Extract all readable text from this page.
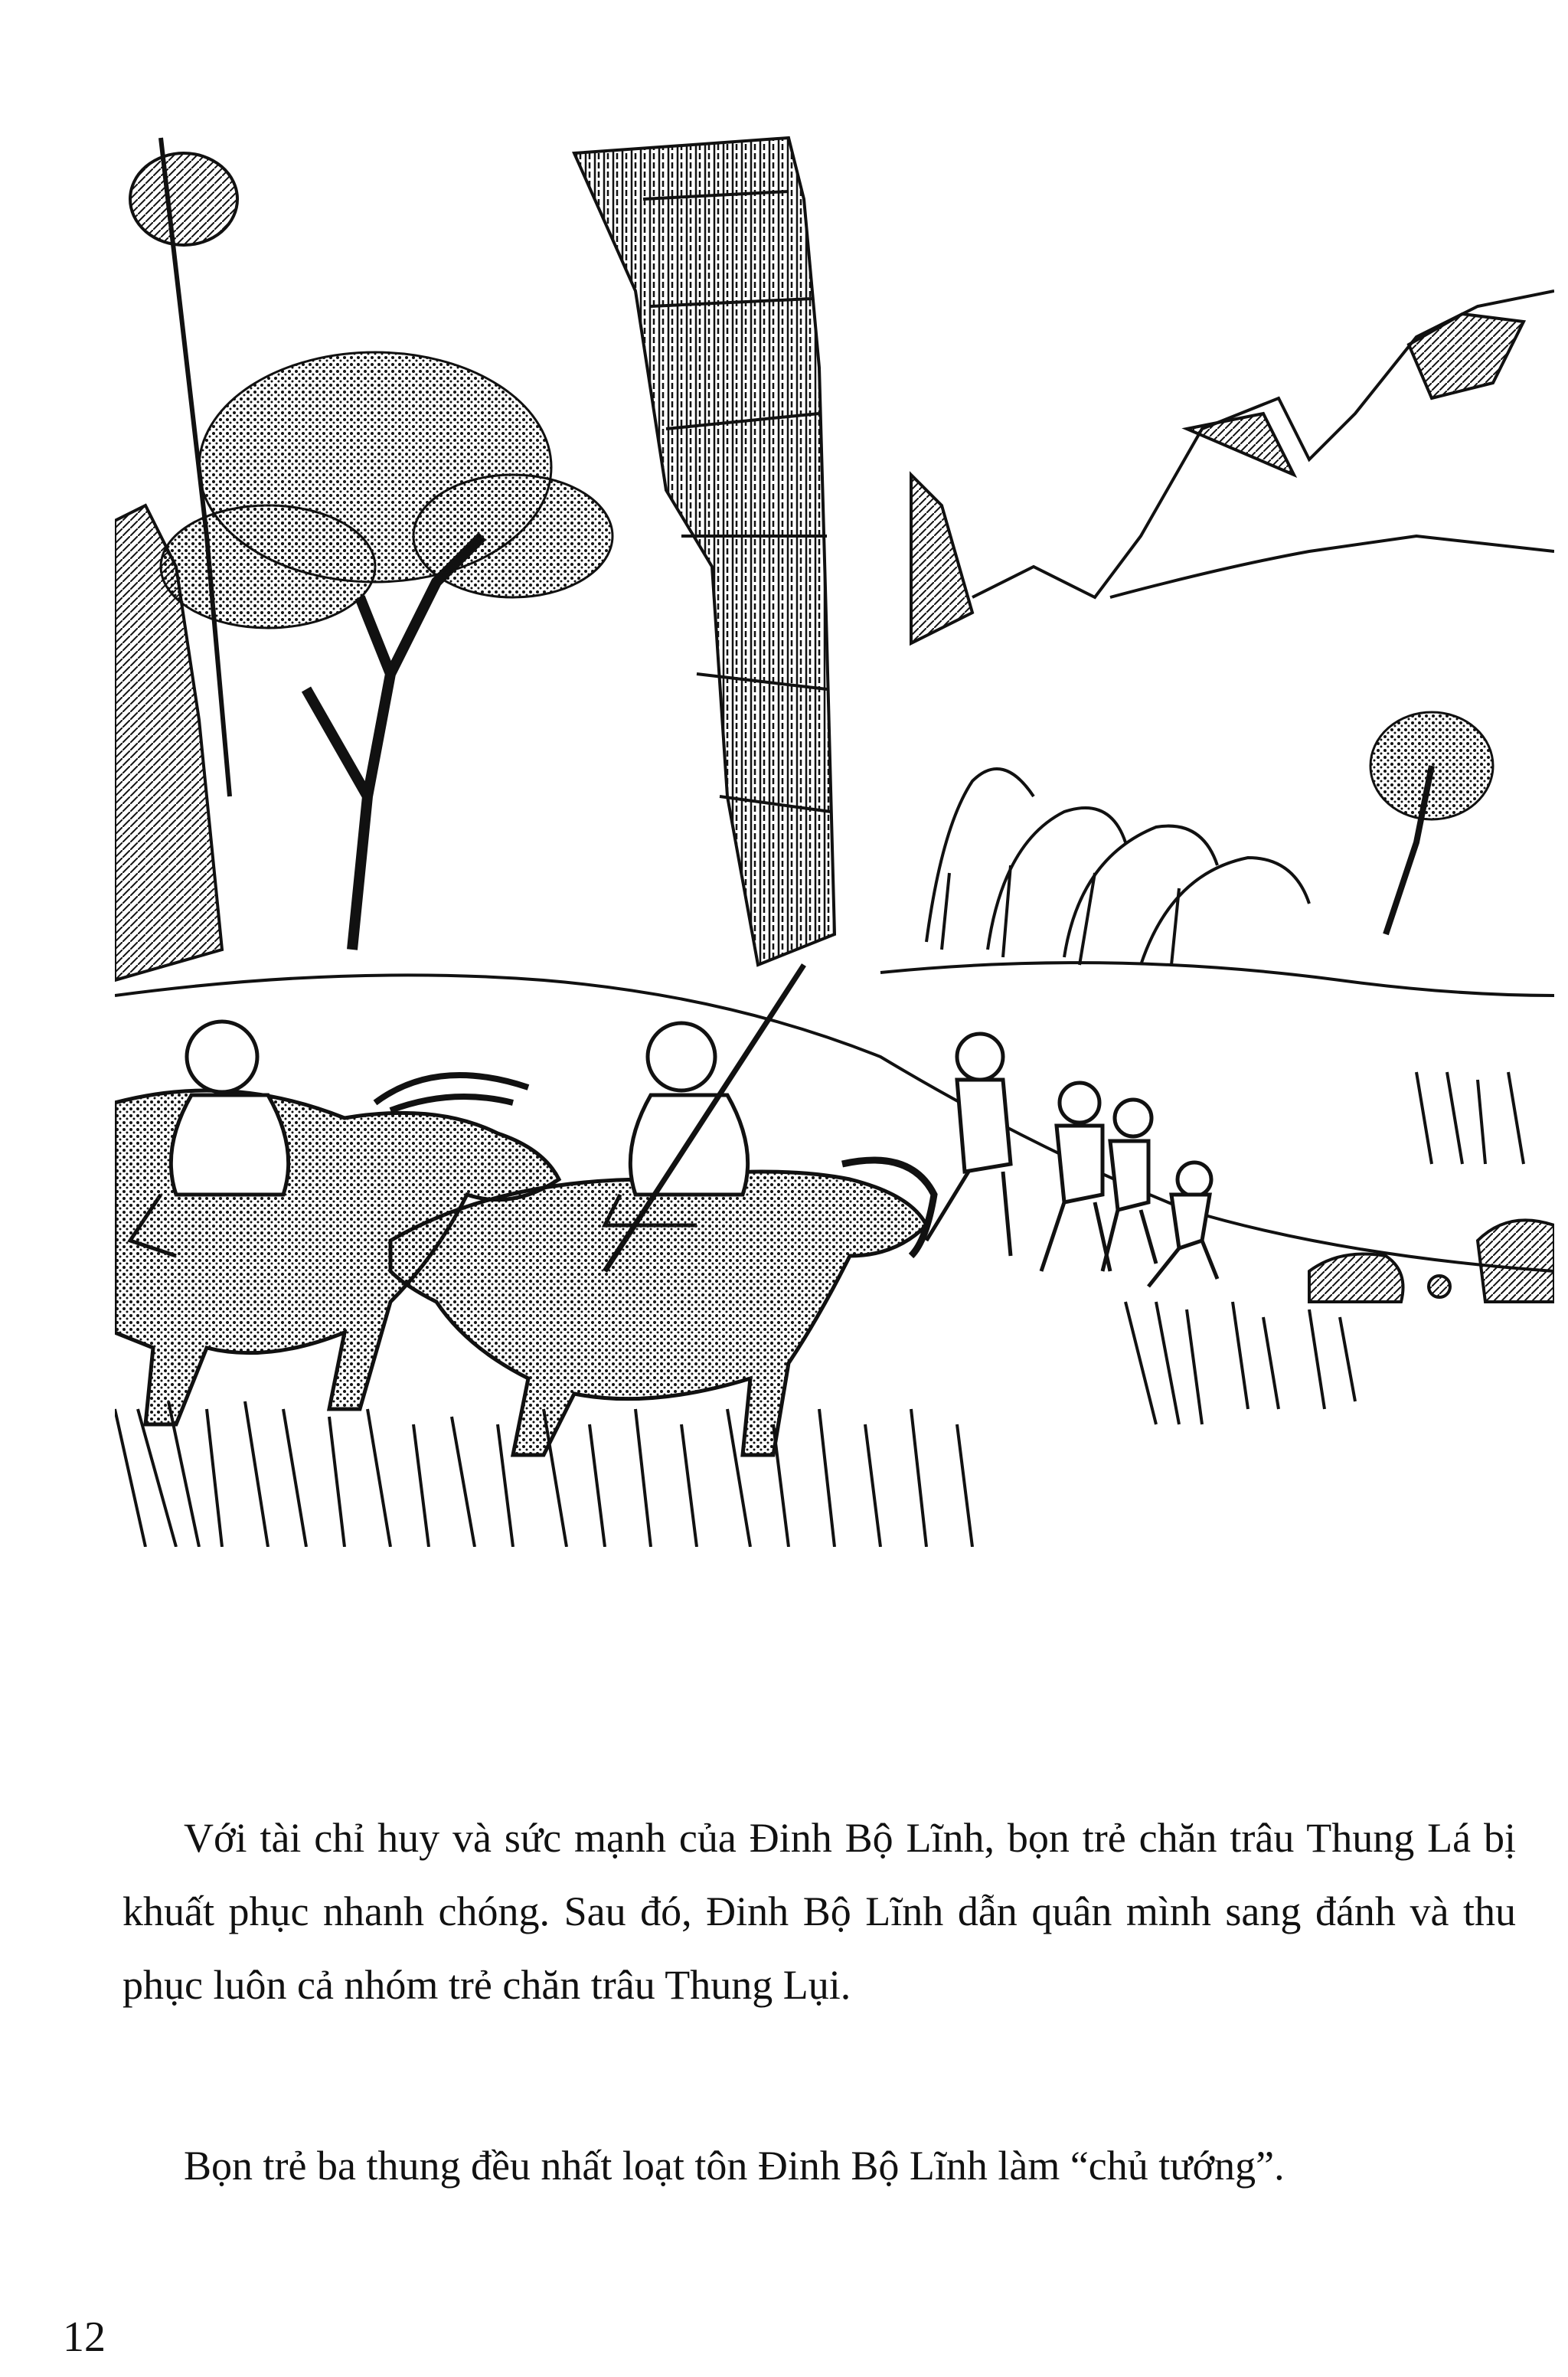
Với tài chỉ huy và sức mạnh của Đinh Bộ Lĩnh, bọn trẻ chăn trâu Thung Lá bị khuất phục nhanh chóng. Sau đó, Đinh Bộ Lĩnh dẫn quân mình sang đánh và thu phục luôn cả nhóm trẻ chăn trâu Thung Lụi.

Bọn trẻ ba thung đều nhất loạt tôn Đinh Bộ Lĩnh làm “chủ tướng”.

12
